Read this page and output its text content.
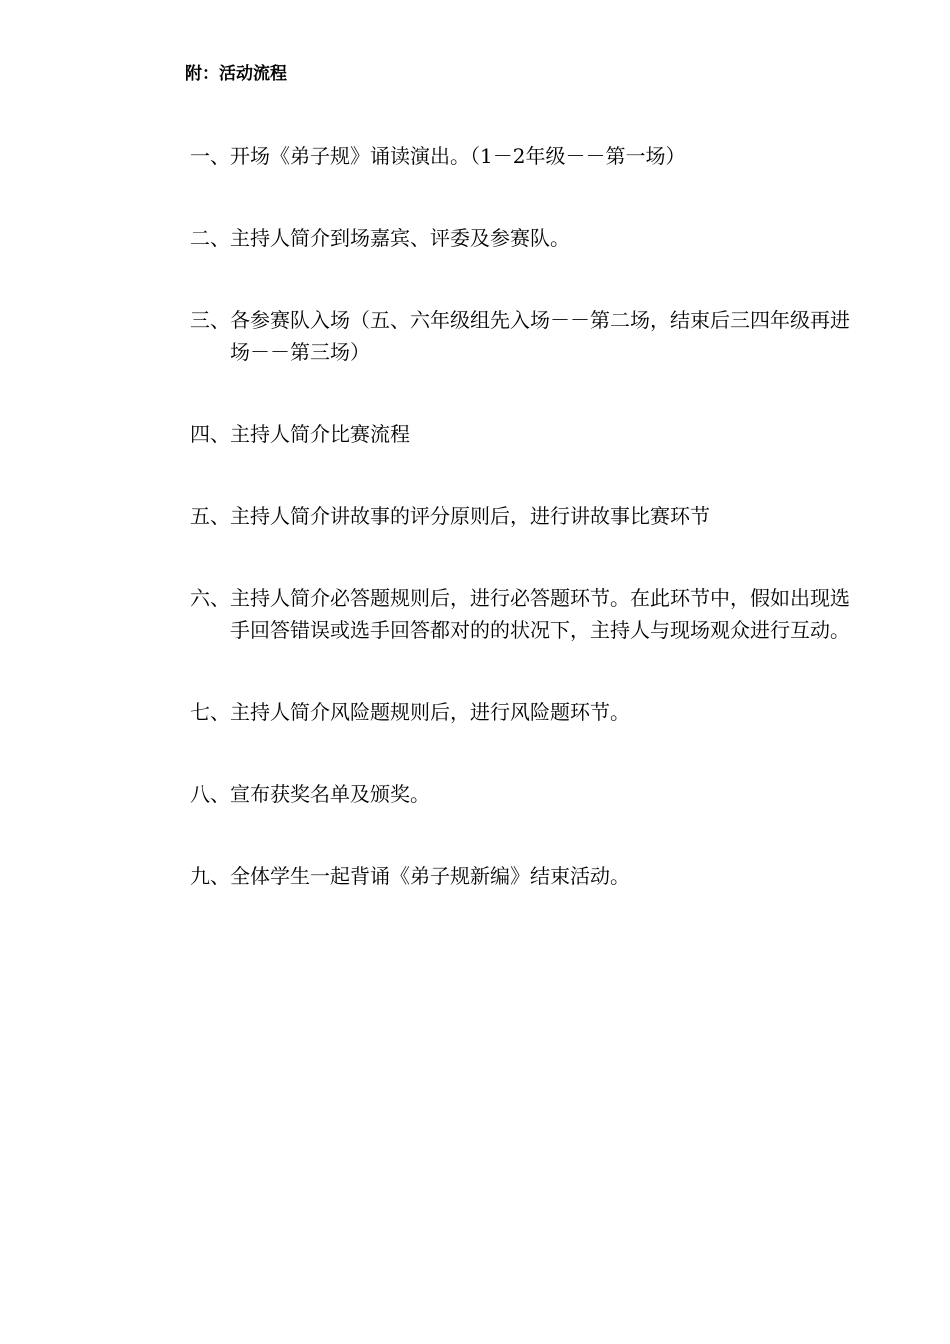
附：活动流程
一、 开场《弟子规》诵读演出。（1－2年级－－第一场）
二、 主持人简介到场嘉宾、评委及参赛队。
三、 各参赛队入场（五、六年级组先入场－－第二场，结束后三四年级再进场－－第三场）
四、 主持人简介比赛流程
五、 主持人简介讲故事的评分原则后，进行讲故事比赛环节
六、 主持人简介必答题规则后，进行必答题环节。在此环节中，假如出现选手回答错误或选手回答都对的的状况下，主持人与现场观众进行互动。
七、 主持人简介风险题规则后，进行风险题环节。
八、 宣布获奖名单及颁奖。
九、 全体学生一起背诵《弟子规新编》结束活动。
